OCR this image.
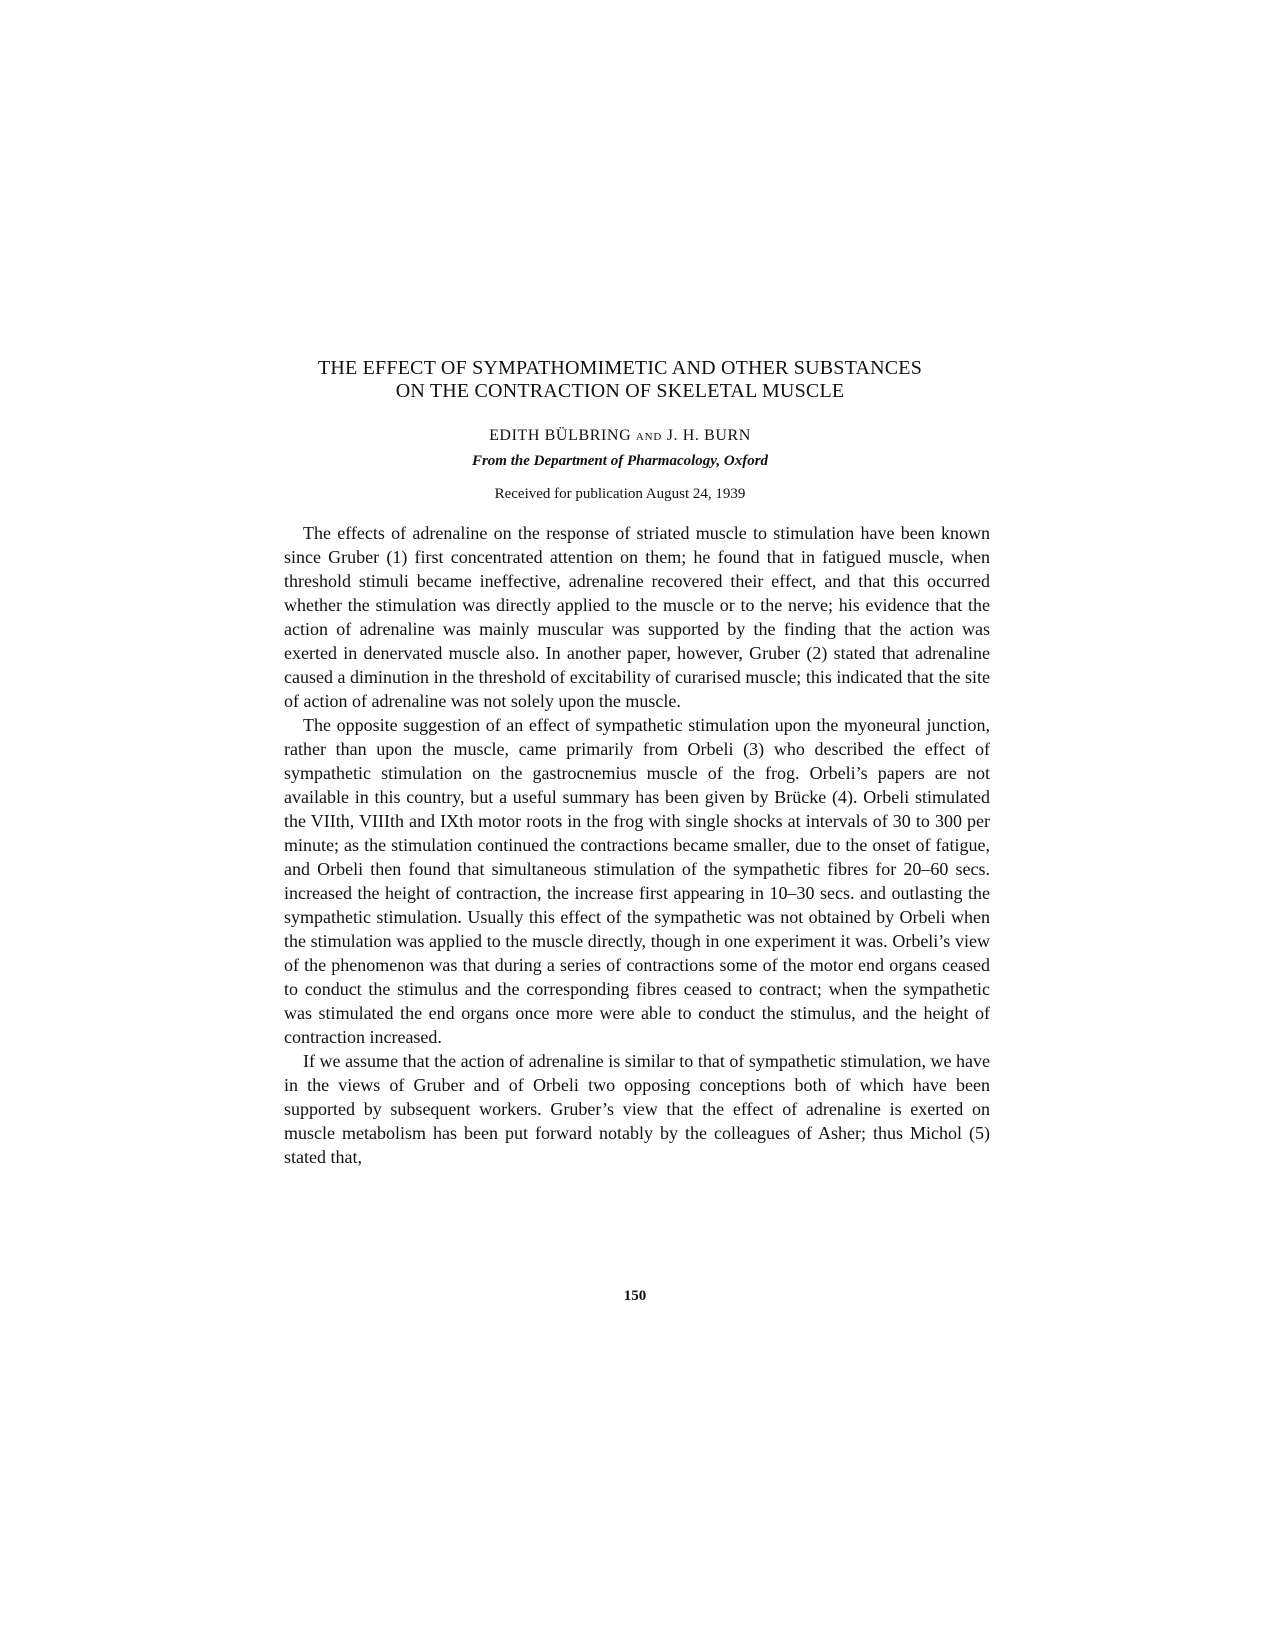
THE EFFECT OF SYMPATHOMIMETIC AND OTHER SUBSTANCES
ON THE CONTRACTION OF SKELETAL MUSCLE
EDITH BÜLBRING AND J. H. BURN
From the Department of Pharmacology, Oxford
Received for publication August 24, 1939

The effects of adrenaline on the response of striated muscle to stimulation have been known since Gruber (1) first concentrated attention on them; he found that in fatigued muscle, when threshold stimuli became ineffective, adrenaline recovered their effect, and that this occurred whether the stimulation was directly applied to the muscle or to the nerve; his evidence that the action of adrenaline was mainly muscular was supported by the finding that the action was exerted in denervated muscle also. In another paper, however, Gruber (2) stated that adrenaline caused a diminution in the threshold of excitability of curarised muscle; this indicated that the site of action of adrenaline was not solely upon the muscle.

The opposite suggestion of an effect of sympathetic stimulation upon the myoneural junction, rather than upon the muscle, came primarily from Orbeli (3) who described the effect of sympathetic stimulation on the gastrocnemius muscle of the frog. Orbeli’s papers are not available in this country, but a useful summary has been given by Brücke (4). Orbeli stimulated the VIIth, VIIIth and IXth motor roots in the frog with single shocks at intervals of 30 to 300 per minute; as the stimulation continued the contractions became smaller, due to the onset of fatigue, and Orbeli then found that simultaneous stimulation of the sympathetic fibres for 20–60 secs. increased the height of contraction, the increase first appearing in 10–30 secs. and outlasting the sympathetic stimulation. Usually this effect of the sympathetic was not obtained by Orbeli when the stimulation was applied to the muscle directly, though in one experiment it was. Orbeli’s view of the phenomenon was that during a series of contractions some of the motor end organs ceased to conduct the stimulus and the corresponding fibres ceased to contract; when the sympathetic was stimulated the end organs once more were able to conduct the stimulus, and the height of contraction increased.

If we assume that the action of adrenaline is similar to that of sympathetic stimulation, we have in the views of Gruber and of Orbeli two opposing conceptions both of which have been supported by subsequent workers. Gruber’s view that the effect of adrenaline is exerted on muscle metabolism has been put forward notably by the colleagues of Asher; thus Michol (5) stated that,

150
